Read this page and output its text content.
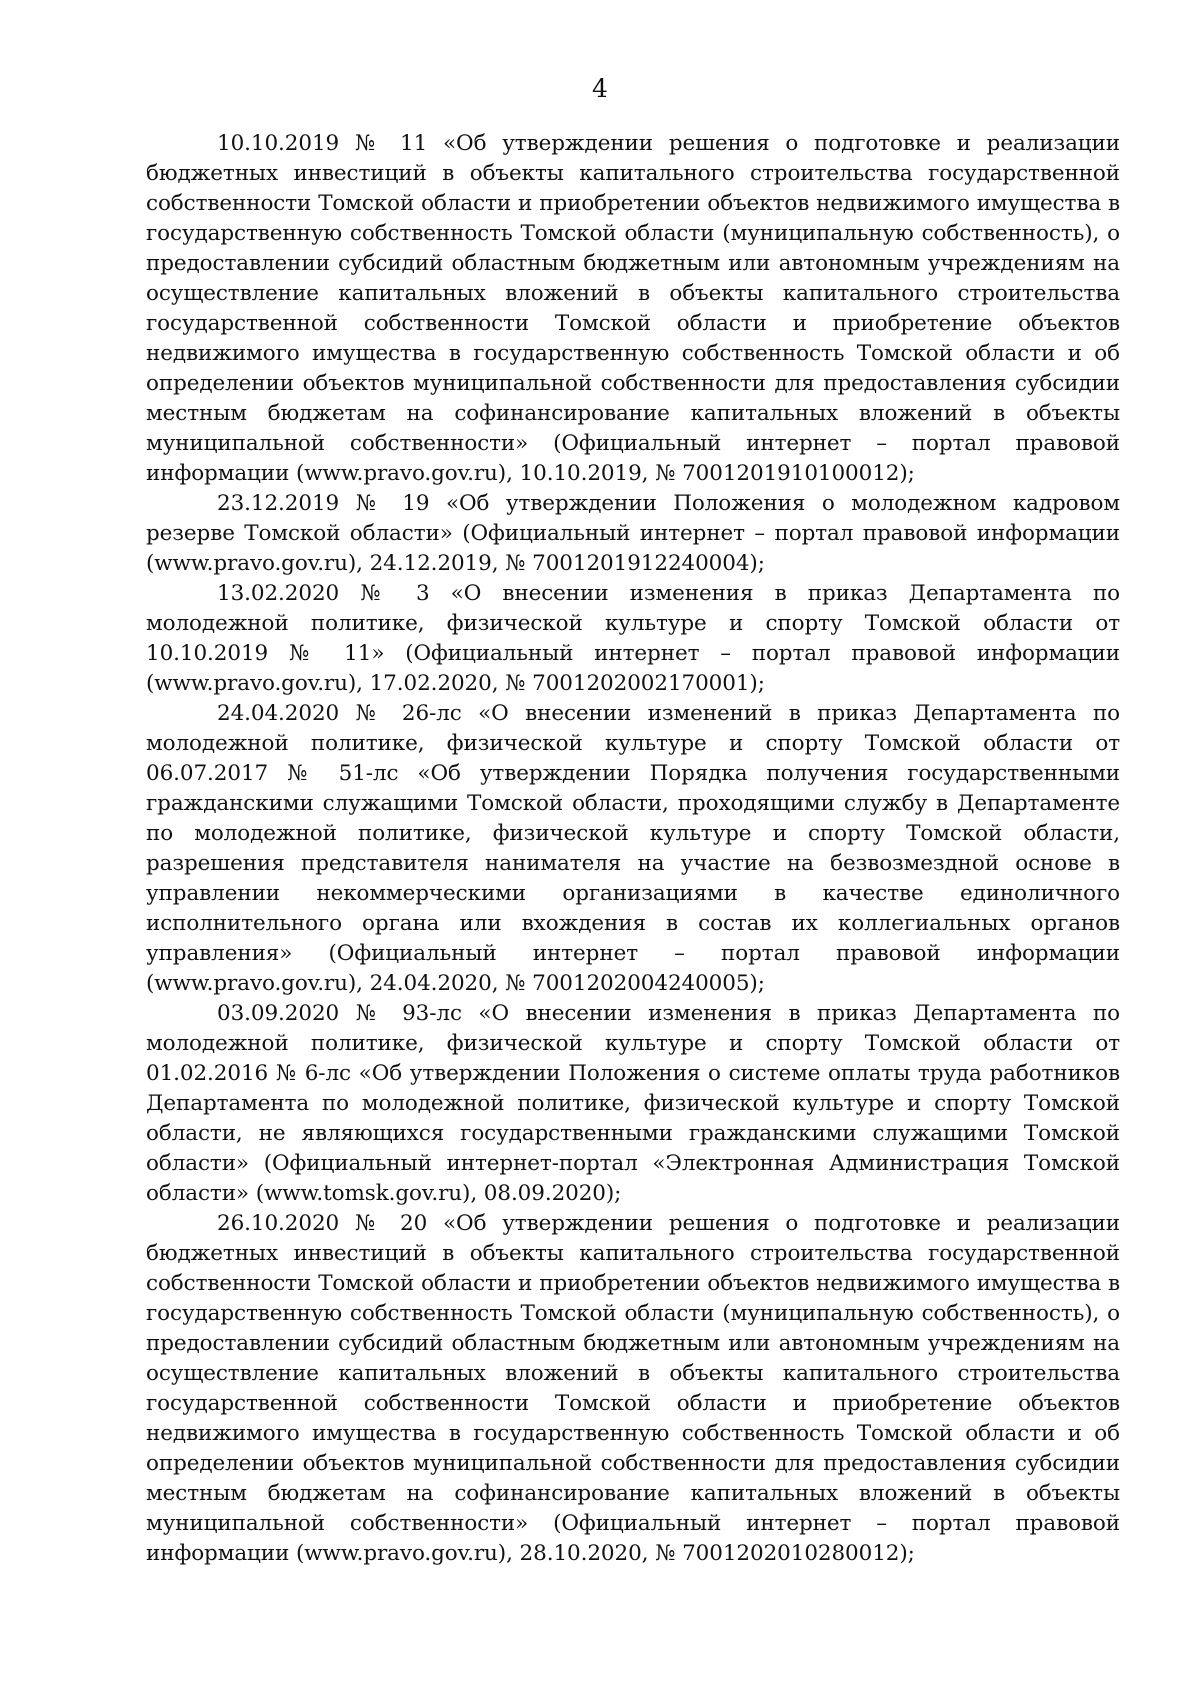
4

10.10.2019 № 11 «Об утверждении решения о подготовке и реализации бюджетных инвестиций в объекты капитального строительства государственной собственности Томской области и приобретении объектов недвижимого имущества в государственную собственность Томской области (муниципальную собственность), о предоставлении субсидий областным бюджетным или автономным учреждениям на осуществление капитальных вложений в объекты капитального строительства государственной собственности Томской области и приобретение объектов недвижимого имущества в государственную собственность Томской области и об определении объектов муниципальной собственности для предоставления субсидии местным бюджетам на софинансирование капитальных вложений в объекты муниципальной собственности» (Официальный интернет – портал правовой информации (www.pravo.gov.ru), 10.10.2019, № 7001201910100012);

23.12.2019 № 19 «Об утверждении Положения о молодежном кадровом резерве Томской области» (Официальный интернет – портал правовой информации (www.pravo.gov.ru), 24.12.2019, № 7001201912240004);

13.02.2020 № 3 «О внесении изменения в приказ Департамента по молодежной политике, физической культуре и спорту Томской области от 10.10.2019 № 11» (Официальный интернет – портал правовой информации (www.pravo.gov.ru), 17.02.2020, № 7001202002170001);

24.04.2020 № 26-лс «О внесении изменений в приказ Департамента по молодежной политике, физической культуре и спорту Томской области от 06.07.2017 № 51-лс «Об утверждении Порядка получения государственными гражданскими служащими Томской области, проходящими службу в Департаменте по молодежной политике, физической культуре и спорту Томской области, разрешения представителя нанимателя на участие на безвозмездной основе в управлении некоммерческими организациями в качестве единоличного исполнительного органа или вхождения в состав их коллегиальных органов управления» (Официальный интернет – портал правовой информации (www.pravo.gov.ru), 24.04.2020, № 7001202004240005);

03.09.2020 № 93-лс «О внесении изменения в приказ Департамента по молодежной политике, физической культуре и спорту Томской области от 01.02.2016 № 6-лс «Об утверждении Положения о системе оплаты труда работников Департамента по молодежной политике, физической культуре и спорту Томской области, не являющихся государственными гражданскими служащими Томской области» (Официальный интернет-портал «Электронная Администрация Томской области» (www.tomsk.gov.ru), 08.09.2020);

26.10.2020 № 20 «Об утверждении решения о подготовке и реализации бюджетных инвестиций в объекты капитального строительства государственной собственности Томской области и приобретении объектов недвижимого имущества в государственную собственность Томской области (муниципальную собственность), о предоставлении субсидий областным бюджетным или автономным учреждениям на осуществление капитальных вложений в объекты капитального строительства государственной собственности Томской области и приобретение объектов недвижимого имущества в государственную собственность Томской области и об определении объектов муниципальной собственности для предоставления субсидии местным бюджетам на софинансирование капитальных вложений в объекты муниципальной собственности» (Официальный интернет – портал правовой информации (www.pravo.gov.ru), 28.10.2020, № 7001202010280012);
